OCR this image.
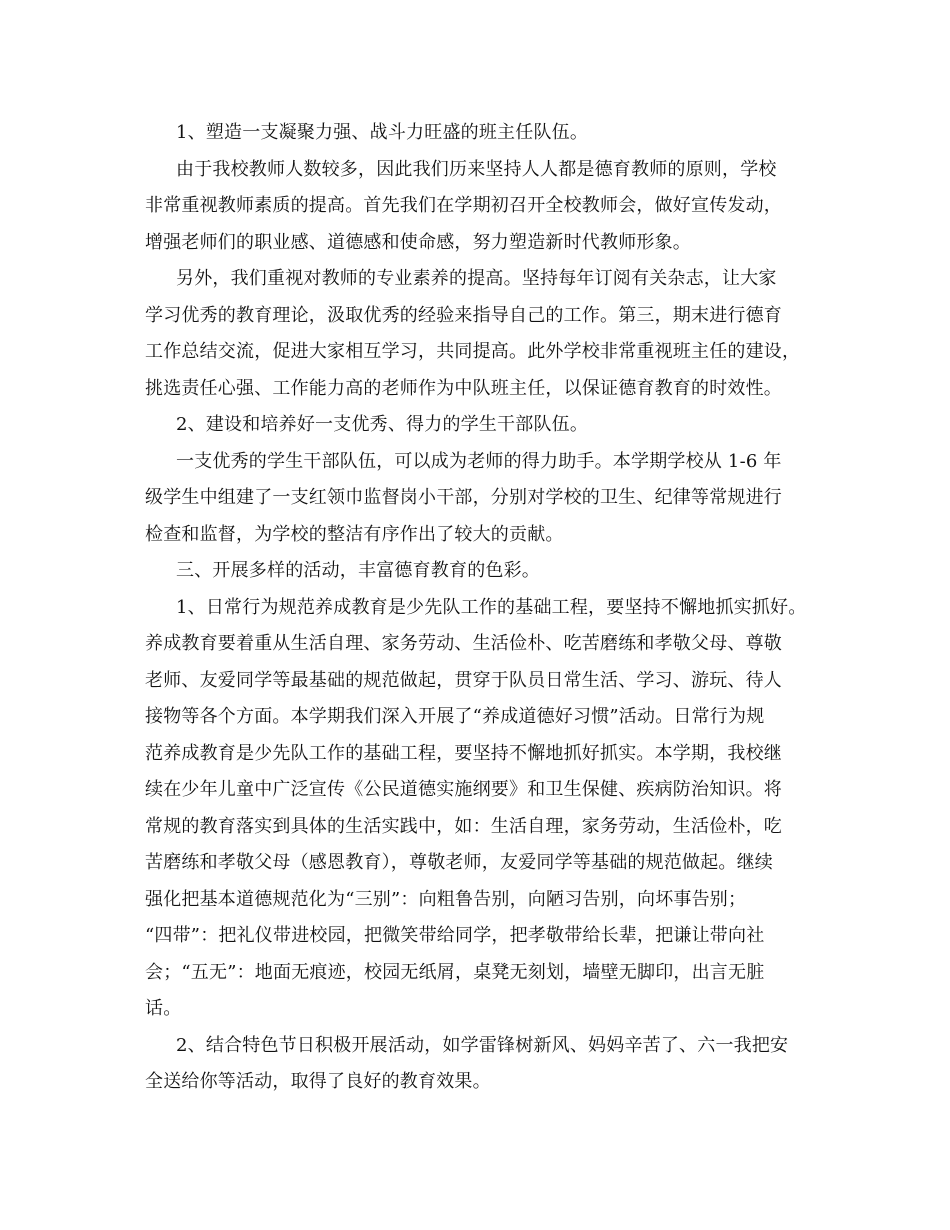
1、塑造一支凝聚力强、战斗力旺盛的班主任队伍。
由于我校教师人数较多，因此我们历来坚持人人都是德育教师的原则，学校
非常重视教师素质的提高。首先我们在学期初召开全校教师会，做好宣传发动，
增强老师们的职业感、道德感和使命感，努力塑造新时代教师形象。
另外，我们重视对教师的专业素养的提高。坚持每年订阅有关杂志，让大家
学习优秀的教育理论，汲取优秀的经验来指导自己的工作。第三，期末进行德育
工作总结交流，促进大家相互学习，共同提高。此外学校非常重视班主任的建设，
挑选责任心强、工作能力高的老师作为中队班主任，以保证德育教育的时效性。
2、建设和培养好一支优秀、得力的学生干部队伍。
一支优秀的学生干部队伍，可以成为老师的得力助手。本学期学校从 1-6 年
级学生中组建了一支红领巾监督岗小干部，分别对学校的卫生、纪律等常规进行
检查和监督，为学校的整洁有序作出了较大的贡献。
三、开展多样的活动，丰富德育教育的色彩。
1、日常行为规范养成教育是少先队工作的基础工程，要坚持不懈地抓实抓好。
养成教育要着重从生活自理、家务劳动、生活俭朴、吃苦磨练和孝敬父母、尊敬
老师、友爱同学等最基础的规范做起，贯穿于队员日常生活、学习、游玩、待人
接物等各个方面。本学期我们深入开展了“养成道德好习惯”活动。日常行为规
范养成教育是少先队工作的基础工程，要坚持不懈地抓好抓实。本学期，我校继
续在少年儿童中广泛宣传《公民道德实施纲要》和卫生保健、疾病防治知识。将
常规的教育落实到具体的生活实践中，如：生活自理，家务劳动，生活俭朴，吃
苦磨练和孝敬父母（感恩教育），尊敬老师，友爱同学等基础的规范做起。继续
强化把基本道德规范化为“三别”：向粗鲁告别，向陋习告别，向坏事告别；
“四带”：把礼仪带进校园，把微笑带给同学，把孝敬带给长辈，把谦让带向社
会；“五无”：地面无痕迹，校园无纸屑，桌凳无刻划，墙壁无脚印，出言无脏
话。
2、结合特色节日积极开展活动，如学雷锋树新风、妈妈辛苦了、六一我把安
全送给你等活动，取得了良好的教育效果。
